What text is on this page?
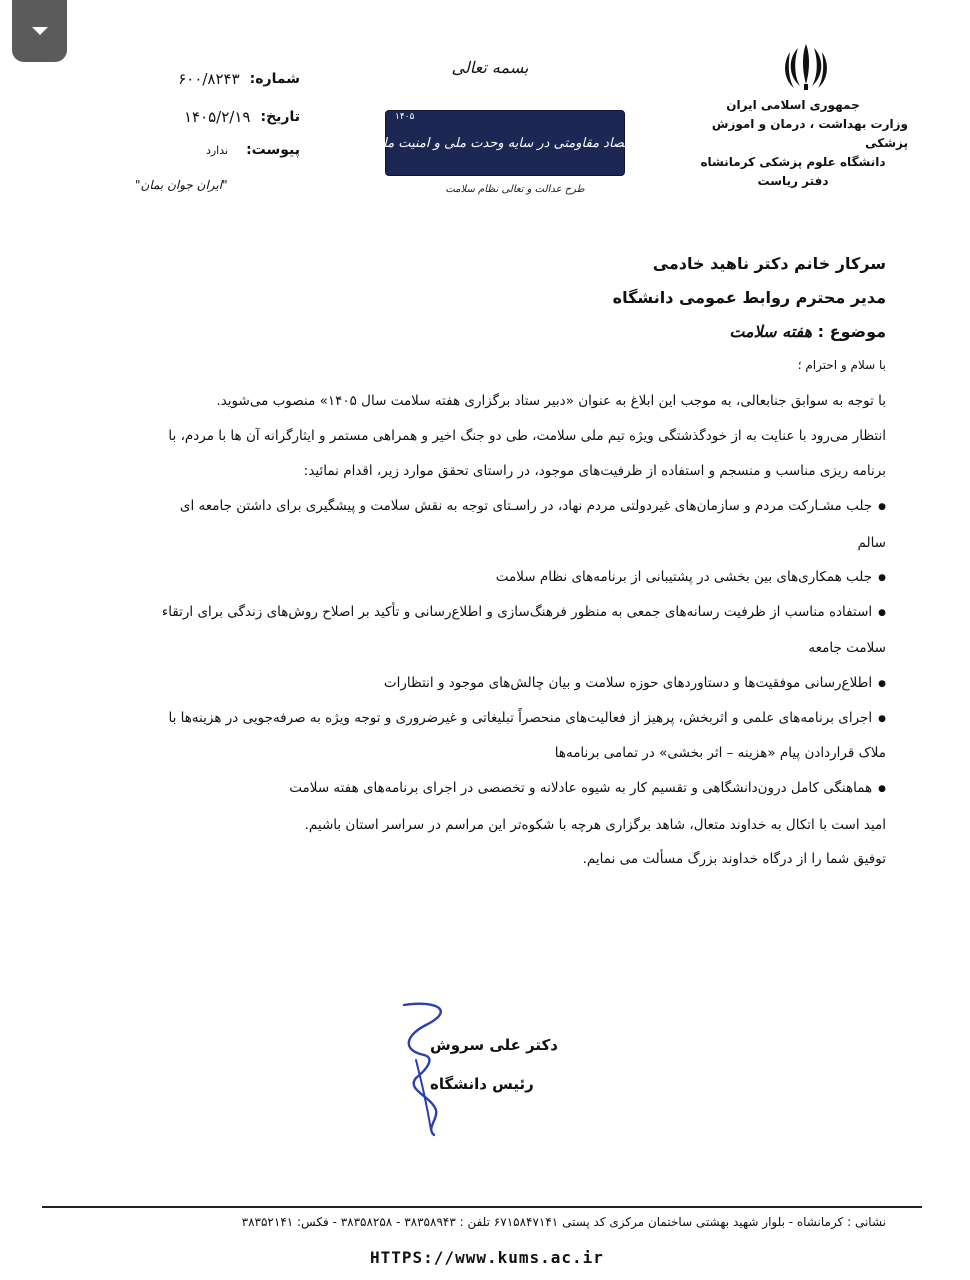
جمهوری اسلامی ایران
وزارت بهداشت ، درمان و اموزش پزشکی
دانشگاه علوم پزشکی کرمانشاه
دفتر ریاست
بسمه تعالی
اقتصاد مقاومتی در سایه وحدت ملی و امنیت ملی
۱۴۰۵
طرح عدالت و تعالی نظام سلامت
شماره:
۶۰۰/۸۲۴۳
تاریخ:
۱۴۰۵/۲/۱۹
پیوست:
ندارد
"ایران جوان بمان"
سرکار خانم دکتر ناهید خادمی
مدیر محترم روابط عمومی دانشگاه
موضوع : هفته سلامت
با سلام و احترام ؛
با توجه به سوابق جنابعالی، به موجب این ابلاغ به عنوان «دبیر ستاد برگزاری هفته سلامت سال ۱۴۰۵» منصوب می‌شوید.
انتظار می‌رود با عنایت به از خودگذشتگی ویژه تیم ملی سلامت، طی دو جنگ اخیر و همراهی مستمر و ایثارگرانه آن ها با مردم، با
برنامه ریزی مناسب و منسجم و استفاده از ظرفیت‌های موجود، در راستای تحقق موارد زیر، اقدام نمائید:
● جلب مشـارکت مردم و سازمان‌های غیردولتی مردم نهاد، در راسـتای توجه به نقش سلامت و پیشگیری برای داشتن جامعه ای
سالم
● جلب همکاری‌های بین بخشی در پشتیبانی از برنامه‌های نظام سلامت
● استفاده مناسب از ظرفیت رسانه‌های جمعی به منظور فرهنگ‌سازی و اطلاع‌رسانی و تأکید بر اصلاح روش‌های زندگی برای ارتقاء
سلامت جامعه
● اطلاع‌رسانی موفقیت‌ها و دستاوردهای حوزه سلامت و بیان چالش‌های موجود و انتظارات
● اجرای برنامه‌های علمی و اثربخش، پرهیز از فعالیت‌های منحصراً تبلیغاتی و غیرضروری و توجه ویژه به صرفه‌جویی در هزینه‌ها با
ملاک قراردادن پیام «هزینه – اثر بخشی» در تمامی برنامه‌ها
● هماهنگی کامل درون‌دانشگاهی و تقسیم کار به شیوه عادلانه و تخصصی در اجرای برنامه‌های هفته سلامت
امید است با اتکال به خداوند متعال، شاهد برگزاری هرچه با شکوه‌تر این مراسم در سراسر استان باشیم.
توفیق شما را از درگاه خداوند بزرگ مسألت می نمایم.
دکتر علی سروش
رئیس دانشگاه
نشانی : کرمانشاه - بلوار شهید بهشتی ساختمان مرکزی کد پستی ۶۷۱۵۸۴۷۱۴۱ تلفن : ۳۸۳۵۸۹۴۳ - ۳۸۳۵۸۲۵۸ - فکس: ۳۸۳۵۲۱۴۱
HTTPS://www.kums.ac.ir
